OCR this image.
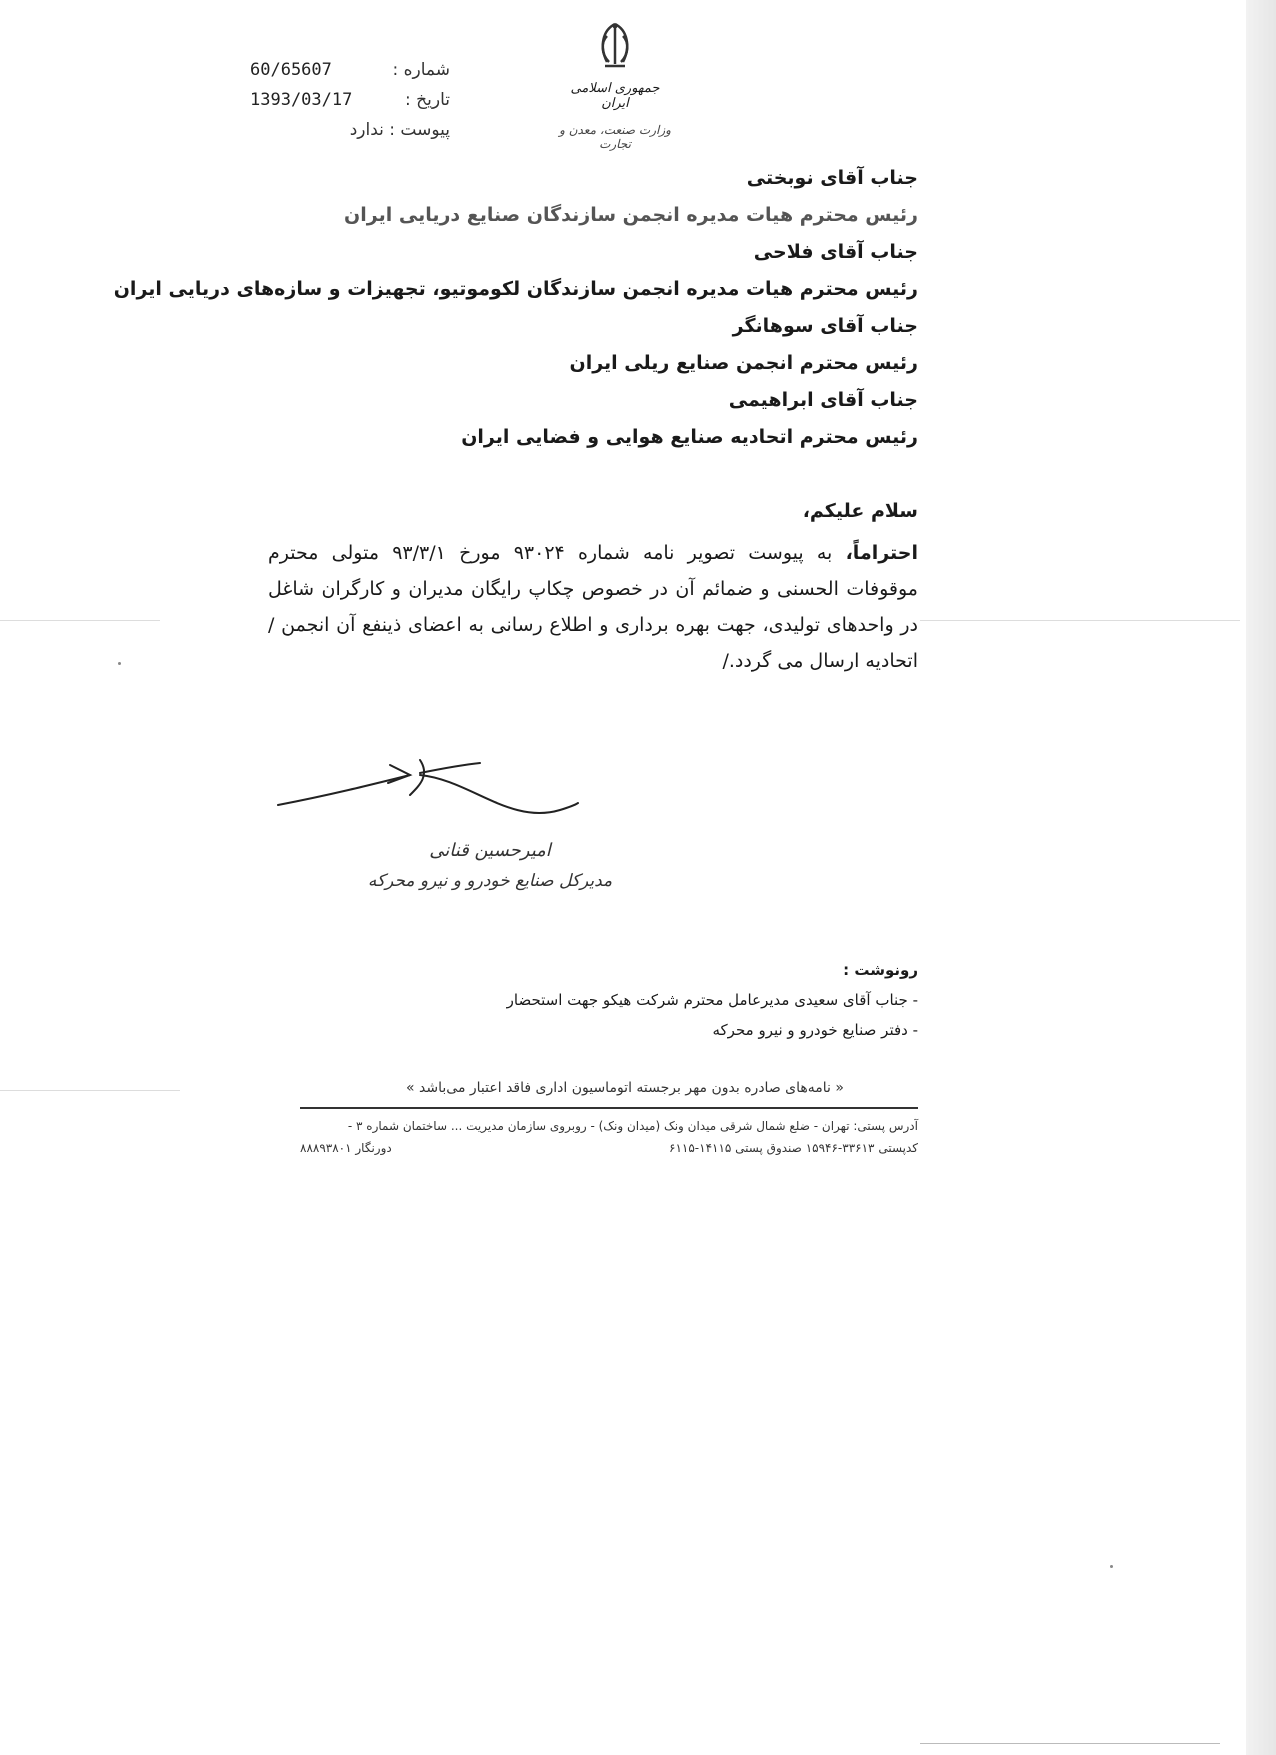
جمهوری اسلامی ایران
وزارت صنعت، معدن و تجارت
60/65607	شماره :
1393/03/17	تاریخ :
پیوست : ندارد
جناب آقای نوبختی
رئیس محترم هیات مدیره انجمن سازندگان صنایع دریایی ایران
جناب آقای فلاحی
رئیس محترم هیات مدیره انجمن سازندگان لکوموتیو، تجهیزات و سازه‌های دریایی ایران
جناب آقای سوهانگر
رئیس محترم انجمن صنایع ریلی ایران
جناب آقای ابراهیمی
رئیس محترم اتحادیه صنایع هوایی و فضایی ایران
سلام علیکم،
احتراماً، به پیوست تصویر نامه شماره ۹۳۰۲۴ مورخ ۹۳/۳/۱ متولی محترم موقوفات الحسنی و ضمائم آن در خصوص چکاپ رایگان مدیران و کارگران شاغل در واحدهای تولیدی، جهت بهره برداری و اطلاع رسانی به اعضای ذینفع آن انجمن / اتحادیه ارسال می گردد./
امیرحسین قنانی
مدیرکل صنایع خودرو و نیرو محرکه
رونوشت :
- جناب آقای سعیدی مدیرعامل محترم شرکت هیکو جهت استحضار
- دفتر صنایع خودرو و نیرو محرکه
« نامه‌های صادره بدون مهر برجسته اتوماسیون اداری فاقد اعتبار می‌باشد »
آدرس پستی: تهران - ضلع شمال شرقی میدان ونک (میدان ونک) - روبروی سازمان مدیریت ... ساختمان شماره ۳ -
کدپستی ۳۳۶۱۳-۱۵۹۴۶ صندوق پستی ۱۴۱۱۵-۶۱۱۵
دورنگار ۸۸۸۹۳۸۰۱
